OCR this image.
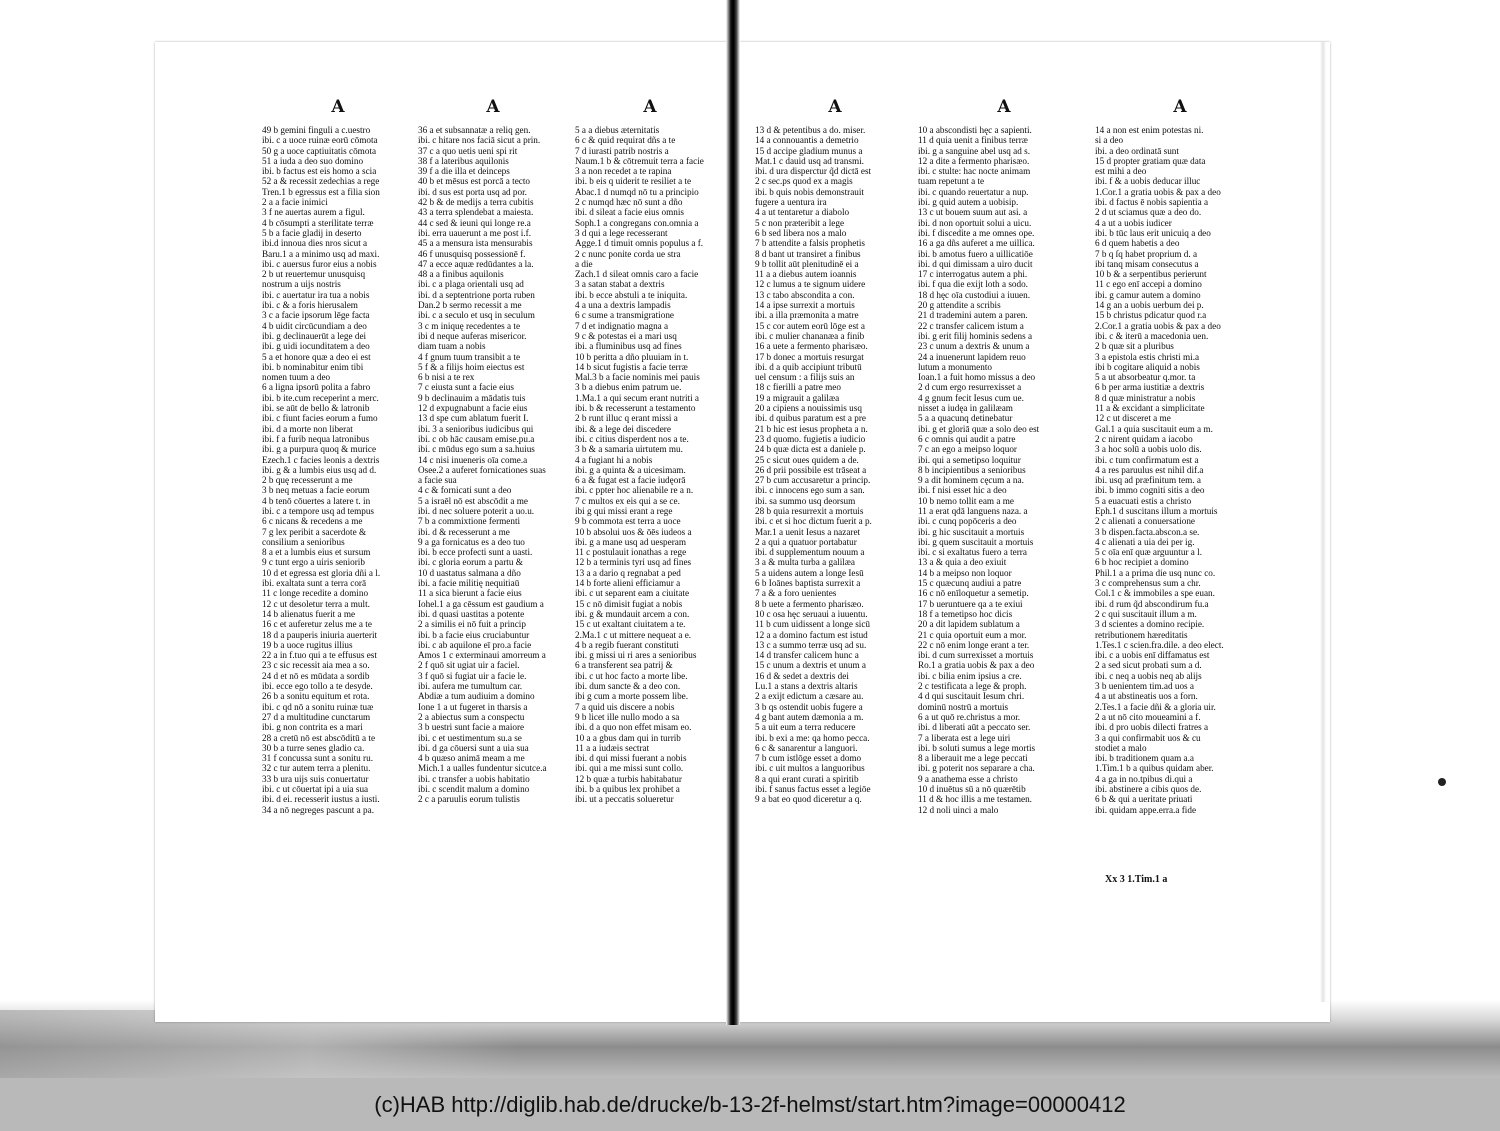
A
49 b gemini finguli a c.uestro
ibi. c a uoce ruinæ eorū cōmota
50 g a uoce captiuitatis cōmota
51 a iuda a deo suo domino
ibi. b factus est eis homo a scia
52 a & recessit zedechias a rege
Tren.1 b egressus est a filia sion
2 a a facie inimici
3 f ne auertas aurem a figul.
4 b cōsumpti a sterilitate terræ
5 b a facie gladij in deserto
ibi.d innoua dies nros sicut a
Baru.1 a a minimo usq ad maxi.
ibi. c auersus furor eius a nobis
2 b ut reuertemur unusquisq
nostrum a uijs nostris
ibi. c auertatur ira tua a nobis
ibi. c & a foris hierusalem
3 c a facie ipsorum lēge facta
4 b uidit circūcundiam a deo
ibi. g declinauerūt a lege dei
ibi. g uidi iocunditatem a deo
5 a et honore quæ a deo ei est
ibi. b nominabitur enim tibi
nomen tuum a deo
6 a ligna ipsorū polita a fabro
ibi. b ite.cum receperint a merc.
ibi. se aūt de bello & latronib
ibi. c fiunt facies eorum a fumo
ibi. d a morte non liberat
ibi. f a furib nequa latronibus
ibi. g a purpura quoq & murice
Ezech.1 c facies leonis a dextris
ibi. g & a lumbis eius usq ad d.
2 b quę recesserunt a me
3 b neq metuas a facie eorum
4 b tenō cōuertes a latere t. in
ibi. c a tempore usq ad tempus
6 c nicans & recedens a me
7 g lex peribit a sacerdote &
consilium a senioribus
8 a et a lumbis eius et sursum
9 c tunt ergo a uiris seniorib
10 d et egressa est gloria dñi a l.
ibi. exaltata sunt a terra corā
11 c longe recedite a domino
12 c ut desoletur terra a mult.
14 b alienatus fuerit a me
16 c et auferetur zelus me a te
18 d a pauperis iniuria auerterit
19 b a uoce rugitus illius
22 a in f.tuo qui a te effusus est
23 c sic recessit aia mea a so.
24 d et nō es mūdata a sordib
ibi. ecce ego tollo a te desyde.
26 b a sonitu equitum et rota.
ibi. c qd nō a sonitu ruinæ tuæ
27 d a multitudine cunctarum
ibi. g non contrita es a mari
28 a cretū nō est abscōditū a te
30 b a turre senes gladio ca.
31 f concussa sunt a sonitu ru.
32 c tur autem terra a plenitu.
33 b ura uijs suis conuertatur
ibi. c ut cōuertat ipi a uia sua
ibi. d ei. recesserit iustus a iusti.
34 a nō negreges pascunt a pa.
A
36 a et subsannatæ a reliq gen.
ibi. c hitare nos faciā sicut a prin.
37 c a quo uetis ueni spi rit
38 f a lateribus aquilonis
39 f a die illa et deinceps
40 b et mēsus est porcā a tecto
ibi. d sus est porta usq ad por.
42 b & de medijs a terra cubitis
43 a terra splendebat a maiesta.
44 c sed & ieuni qui longe re.a
ibi. erra uauerunt a me post i.f.
45 a a mensura ista mensurabis
46 f unusquisq possessionē f.
47 a ecce aquæ redūdantes a la.
48 a a finibus aquilonis
ibi. c a plaga orientali usq ad
ibi. d a septentrione porta ruben
Dan.2 b sermo recessit a me
ibi. c a seculo et usq in seculum
3 c m iniquę recedentes a te
ibi d neque auferas misericor.
diam tuam a nobis
4 f gnum tuum transibit a te
5 f & a filijs hoim eiectus est
6 b nisi a te rex
7 c eiusta sunt a facie eius
9 b declinauim a mādatis tuis
12 d expugnabunt a facie eius
13 d spe cum ablatum fuerit I.
ibi. 3 a senioribus iudicibus qui
ibi. c ob hāc causam emise.pu.a
ibi. c mūdus ego sum a sa.huius
14 c nisi inueneris oīa come.a
Osee.2 a auferet fornicationes suas
a facie sua
4 c & fornicati sunt a deo
5 a israēl nō est abscōdit a me
ibi. d nec soluere poterit a uo.u.
7 b a commixtione fermenti
ibi. d & recesserunt a me
9 a ga fornicatus es a deo tuo
ibi. b ecce profecti sunt a uasti.
ibi. c gloria eorum a partu &
10 d uastatus salmana a dño
ibi. a facie militię nequitiaū
11 a sica bierunt a facie eius
Iohel.1 a ga cēssum est gaudium a
ibi. d quasi uastitas a potente
2 a similis ei nō fuit a princip
ibi. b a facie eius cruciabuntur
ibi. c ab aquilone eī pro.a facie
Amos 1 c exterminaui amorreum a
2 f quō sit ugiat uir a faciel.
3 f quō si fugiat uir a facie le.
ibi. aufera me tumultum car.
Abdiæ a tum audiuim a domino
Ione 1 a ut fugeret in tharsis a
2 a abiectus sum a conspectu
3 b uestri sunt facie a maiore
ibi. c et uestimentum su.a se
ibi. d ga cōuersi sunt a uia sua
4 b quæso animā meam a me
Mich.1 a ualles fundentur sicutce.a
ibi. c transfer a uobis habitatio
ibi. c scendit malum a domino
2 c a paruulis eorum tulistis
A
5 a a diebus æternitatis
6 c & quid requirat dñs a te
7 d iurasti patrib nostris a
Naum.1 b & cōtremuit terra a facie
3 a non recedet a te rapina
ibi. b eis q uiderit te resiliet a te
Abac.1 d numqd nō tu a principio
2 c numqd hæc nō sunt a dño
ibi. d sileat a facie eius omnis
Soph.1 a congregans con.omnia a
3 d qui a lege recesserant
Agge.1 d timuit omnis populus a f.
2 c nunc ponite corda ue stra
a die
Zach.1 d sileat omnis caro a facie
3 a satan stabat a dextris
ibi. b ecce abstuli a te iniquita.
4 a una a dextris lampadis
6 c sume a transmigratione
7 d et indignatio magna a
9 c & potestas ei a mari usq
ibi. a fluminibus usq ad fines
10 b peritta a dño pluuiam in t.
14 b sicut fugistis a facie terræ
Mal.3 b a facie nominis mei pauis
3 b a diebus enim patrum ue.
1.Ma.1 a qui secum erant nutriti a
ibi. b & recesserunt a testamento
2 b runt illuc q erant missi a
ibi. & a lege dei discedere
ibi. c citius disperdent nos a te.
3 b & a samaria uirtutem mu.
4 a fugiant hi a nobis
ibi. g a quinta & a uicesimam.
6 a & fugat est a facie iudęorā
ibi. c ppter hoc alienabile re a n.
7 c multos ex eis qui a se ce.
ibi g qui missi erant a rege
9 b commota est terra a uoce
10 b absolui uos & ōēs iudeos a
ibi. g a mane usq ad uesperam
11 c postulauit ionathas a rege
12 b a terminis tyri usq ad fines
13 a a dario q regnabat a ped
14 b forte alieni efficiamur a
ibi. c ut separent eam a ciuitate
15 c nō dimisit fugiat a nobis
ibi. g & mundauit arcem a con.
15 c ut exaltant ciuitatem a te.
2.Ma.1 c ut mittere nequeat a e.
4 b a regib fuerant constituti
ibi. g missi ui ri ares a senioribus
6 a transferent sea patrij &
ibi. c ut hoc facto a morte libe.
ibi. dum sancte & a deo con.
ibi g cum a morte possem libe.
7 a quid uis discere a nobis
9 b licet ille nullo modo a sa
ibi. d a quo non effet misam eo.
10 a a gbus dam qui in turrib
11 a a iudæis sectrat
ibi. d qui missi fuerant a nobis
ibi. qui a me missi sunt collo.
12 b quæ a turbis habitabatur
ibi. b a quibus lex prohibet a
ibi. ut a peccatis solueretur
A
13 d & petentibus a do. miser.
14 a connouantis a demetrio
15 d accipe gladium munus a
Mat.1 c dauid usq ad transmi.
ibi. d ura disperctur q̃d dictā est
2 c sec.ps quod ex a magis
ibi. b quis nobis demonstrauit
fugere a uentura ira
4 a ut tentaretur a diabolo
5 c non præteribit a lege
6 b sed libera nos a malo
7 b attendite a falsis prophetis
8 d bant ut transiret a finibus
9 b tollit aūt plenitudinē ei a
11 a a diebus autem ioannis
12 c lumus a te signum uidere
13 c tabo abscondita a con.
14 a ipse surrexit a mortuis
ibi. a illa præmonita a matre
15 c cor autem eorū lōge est a
ibi. c mulier chananæa a finib
16 a uete a fermento pharisæo.
17 b donec a mortuis resurgat
ibi. d a quib accipiunt tributū
uel censum : a filijs suis an
18 c fierilli a patre meo
19 a migrauit a galilæa
20 a cipiens a nouissimis usq
ibi. d quibus paratum est a pre
21 b hic est iesus propheta a n.
23 d quomo. fugietis a iudicio
24 b quæ dicta est a daniele p.
25 c sicut oues quidem a de.
26 d prii possibile est trāseat a
27 b cum accusaretur a princip.
ibi. c innocens ego sum a san.
ibi. sa summo usq deorsum
28 b quia resurrexit a mortuis
ibi. c et si hoc dictum fuerit a p.
Mar.1 a uenit Iesus a nazaret
2 a qui a quatuor portabatur
ibi. d supplementum nouum a
3 a & multa turba a galilæa
5 a uidens autem a longe Iesū
6 b Ioānes baptista surrexit a
7 a & a foro uenientes
8 b uete a fermento pharisæo.
10 c osa hęc seruaui a iuuentu.
11 b cum uidissent a longe sicū
12 a a domino factum est istud
13 c a summo terræ usq ad su.
14 d transfer calicem hunc a
15 c unum a dextris et unum a
16 d & sedet a dextris dei
Lu.1 a stans a dextris altaris
2 a exijt edictum a cæsare au.
3 b qs ostendit uobis fugere a
4 g bant autem dæmonia a m.
5 a uit eum a terra reducere
ibi. b exi a me: qa homo pecca.
6 c & sanarentur a languori.
7 b cum istlōge esset a domo
ibi. c uit multos a languoribus
8 a qui erant curati a spiritib
ibi. f sanus factus esset a legiōe
9 a bat eo quod diceretur a q.
A
10 a abscondisti hęc a sapienti.
11 d quia uenit a finibus terræ
ibi. g a sanguine abel usq ad s.
12 a dite a fermento pharisæo.
ibi. c stulte: hac nocte animam
tuam repetunt a te
ibi. c quando reuertatur a nup.
ibi. g quid autem a uobisip.
13 c ut bouem suum aut asi. a
ibi. d non oportuit solui a uicu.
ibi. f discedite a me omnes ope.
16 a ga dñs auferet a me uillica.
ibi. b amotus fuero a uillicatiōe
ibi. d qui dimissam a uiro ducit
17 c interrogatus autem a phi.
ibi. f qua die exijt loth a sodo.
18 d hęc oīa custodiui a iuuen.
20 g attendite a scribis
21 d trademini autem a paren.
22 c transfer calicem istum a
ibi. g erit filij hominis sedens a
23 c unum a dextris & unum a
24 a inuenerunt lapidem reuo
lutum a monumento
Ioan.1 a fuit homo missus a deo
2 d cum ergo resurrexisset a
4 g gnum fecit Iesus cum ue.
nisset a iudęa in galilæam
5 a a quacunq detinebatur
ibi. g et gloriā quæ a solo deo est
6 c omnis qui audit a patre
7 c an ego a meipso loquor
ibi. qui a semetipso loquitur
8 b incipientibus a senioribus
9 a dit hominem cęcum a na.
ibi. f nisi esset hic a deo
10 b nemo tollit eam a me
11 a erat qdā languens naza. a
ibi. c cunq popōceris a deo
ibi. g hic suscitauit a mortuis
ibi. g quem suscitauit a mortuis
ibi. c si exaltatus fuero a terra
13 a & quia a deo exiuit
14 b a meipso non loquor
15 c quæcunq audiui a patre
16 c nō enīloquetur a semetip.
17 b ueruntuere qa a te exiui
18 f a temetipso hoc dicis
20 a dit lapidem sublatum a
21 c quia oportuit eum a mor.
22 c nō enim longe erant a ter.
ibi. d cum surrexisset a mortuis
Ro.1 a gratia uobis & pax a deo
ibi. c bilia enim ipsius a cre.
2 c testificata a lege & proph.
4 d qui suscitauit Iesum chri.
dominū nostrū a mortuis
6 a ut quō re.christus a mor.
ibi. d liberati aūt a peccato ser.
7 a liberata est a lege uiri
ibi. b soluti sumus a lege mortis
8 a liberauit me a lege peccati
ibi. g poterit nos separare a cha.
9 a anathema esse a christo
10 d inuētus sū a nō quærētib
11 d & hoc illis a me testamen.
12 d noli uinci a malo
A
14 a non est enim potestas ni.
si a deo
ibi. a deo ordinatā sunt
15 d propter gratiam quæ data
est mihi a deo
ibi. f & a uobis deducar illuc
1.Cor.1 a gratia uobis & pax a deo
ibi. d factus ē nobis sapientia a
2 d ut sciamus quæ a deo do.
4 a ut a uobis iudicer
ibi. b tūc laus erit unicuiq a deo
6 d quem habetis a deo
7 b q ſq habet proprium d. a
ibi tanq misam consecutus a
10 b & a serpentibus perierunt
11 c ego enī accepi a domino
ibi. g camur autem a domino
14 g an a uobis uerbum dei p.
15 b christus pdicatur quod r.a
2.Cor.1 a gratia uobis & pax a deo
ibi. c & iterū a macedonia uen.
2 b quæ sit a pluribus
3 a epistola estis christi mi.a
ibi b cogitare aliquid a nobis
5 a ut absorbeatur q.mor. ta
6 b per arma iustitiæ a dextris
8 d quæ ministratur a nobis
11 a & excidant a simplicitate
12 c ut disceret a me
Gal.1 a quia suscitauit eum a m.
2 c nirent quidam a iacobo
3 a hoc solū a uobis uolo dis.
ibi. c tum confirmatum est a
4 a res paruulus est nihil dif.a
ibi. usq ad præfinitum tem. a
ibi. b immo cogniti sitis a deo
5 a euacuati estis a christo
Eph.1 d suscitans illum a mortuis
2 c alienati a conuersatione
3 b dispen.facta.abscon.a se.
4 c alienati a uia dei per ig.
5 c oīa enī quæ arguuntur a l.
6 b hoc recipiet a domino
Phil.1 a a prima die usq nunc co.
3 c comprehensus sum a chr.
Col.1 c & immobiles a spe euan.
ibi. d rum q̃d abscondirum fu.a
2 c qui suscitauit illum a m.
3 d scientes a domino recipie.
retributionem hæreditatis
1.Tes.1 c scien.fra.dile. a deo elect.
ibi. c a uobis enī diffamatus est
2 a sed sicut probati sum a d.
ibi. c neq a uobis neq ab alijs
3 b uenientem tim.ad uos a
4 a ut abstineatis uos a forn.
2.Tes.1 a facie dñi & a gloria uir.
2 a ut nō cito moueamini a f.
ibi. d pro uobis dilecti fratres a
3 a qui confirmabit uos & cu
stodiet a malo
ibi. b traditionem quam a.a
1.Tim.1 b a quibus quidam aber.
4 a ga in no.tpibus di.qui a
ibi. abstinere a cibis quos de.
6 b & qui a ueritate priuati
ibi. quidam appe.erra.a fide
Xx 3 1.Tim.1 a
(c)HAB http://diglib.hab.de/drucke/b-13-2f-helmst/start.htm?image=00000412
